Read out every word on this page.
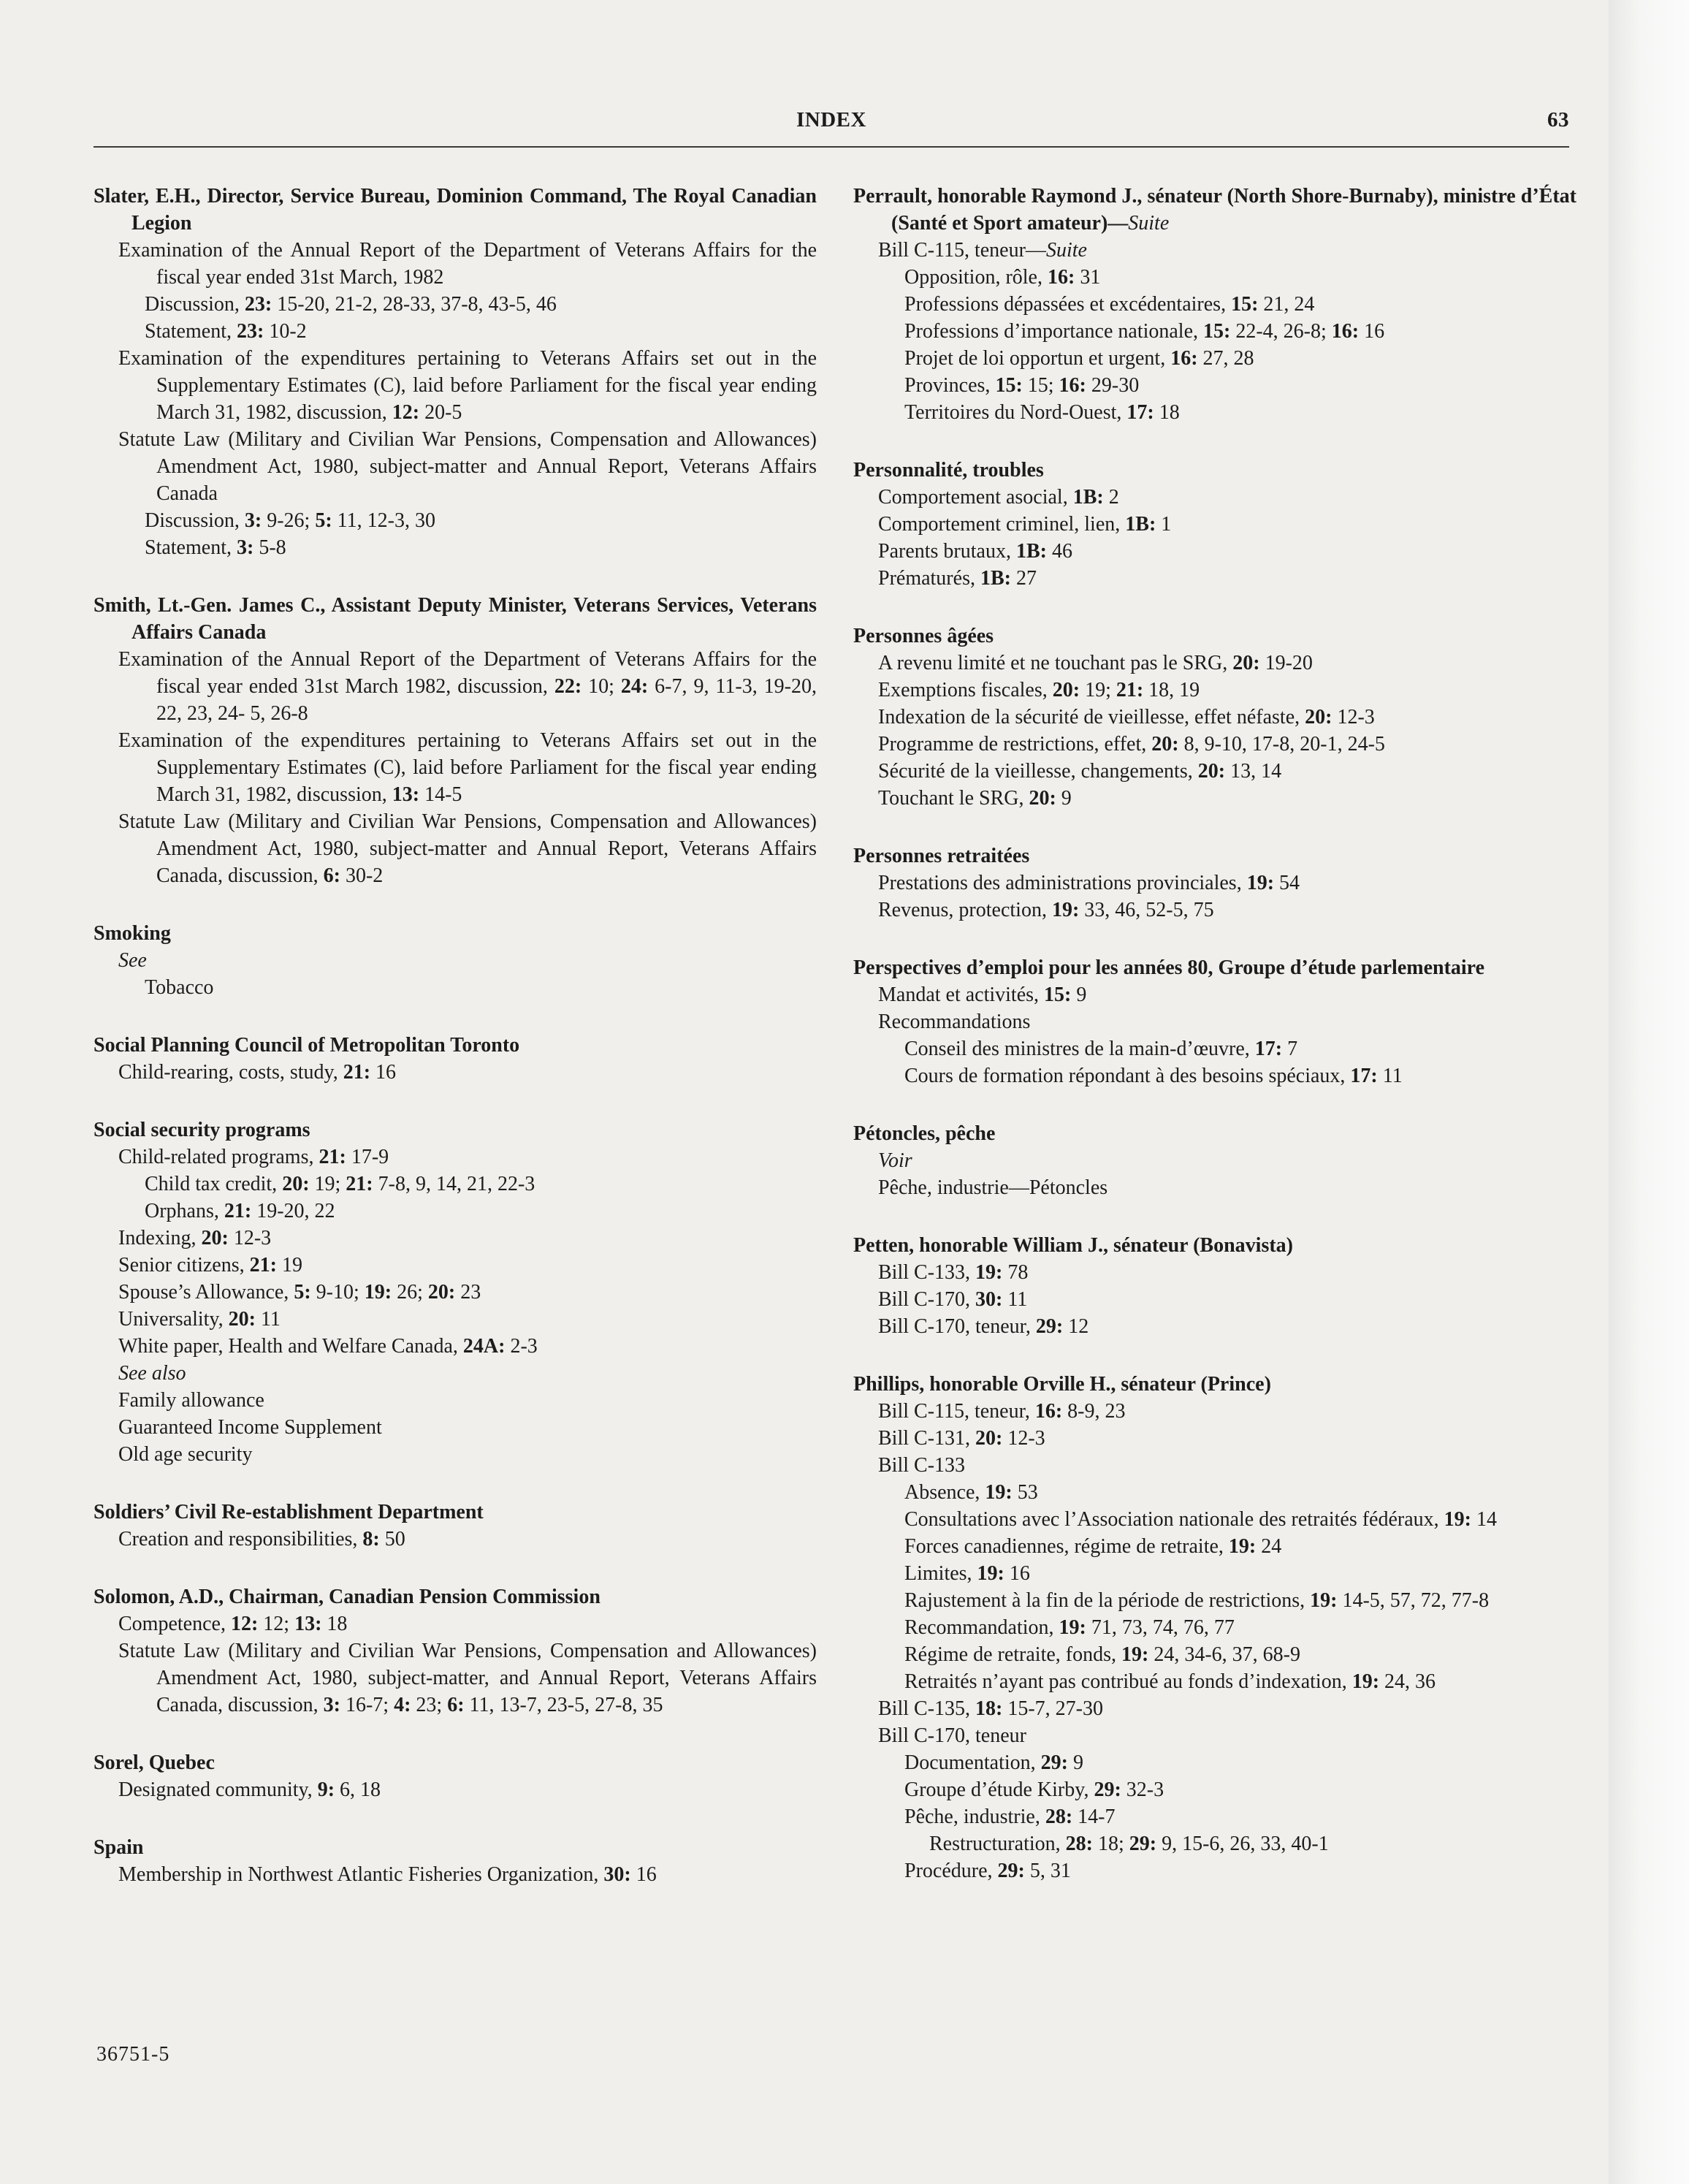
INDEX	63
Slater, E.H., Director, Service Bureau, Dominion Command, The Royal Canadian Legion
Examination of the Annual Report of the Department of Veterans Affairs for the fiscal year ended 31st March, 1982
Discussion, 23: 15-20, 21-2, 28-33, 37-8, 43-5, 46
Statement, 23: 10-2
Examination of the expenditures pertaining to Veterans Affairs set out in the Supplementary Estimates (C), laid before Parliament for the fiscal year ending March 31, 1982, discussion, 12: 20-5
Statute Law (Military and Civilian War Pensions, Compensation and Allowances) Amendment Act, 1980, subject-matter and Annual Report, Veterans Affairs Canada
Discussion, 3: 9-26; 5: 11, 12-3, 30
Statement, 3: 5-8
Smith, Lt.-Gen. James C., Assistant Deputy Minister, Veterans Services, Veterans Affairs Canada
Examination of the Annual Report of the Department of Veterans Affairs for the fiscal year ended 31st March 1982, discussion, 22: 10; 24: 6-7, 9, 11-3, 19-20, 22, 23, 24- 5, 26-8
Examination of the expenditures pertaining to Veterans Affairs set out in the Supplementary Estimates (C), laid before Parliament for the fiscal year ending March 31, 1982, discussion, 13: 14-5
Statute Law (Military and Civilian War Pensions, Compensation and Allowances) Amendment Act, 1980, subject-matter and Annual Report, Veterans Affairs Canada, discussion, 6: 30-2
Smoking
See
Tobacco
Social Planning Council of Metropolitan Toronto
Child-rearing, costs, study, 21: 16
Social security programs
Child-related programs, 21: 17-9
Child tax credit, 20: 19; 21: 7-8, 9, 14, 21, 22-3
Orphans, 21: 19-20, 22
Indexing, 20: 12-3
Senior citizens, 21: 19
Spouse’s Allowance, 5: 9-10; 19: 26; 20: 23
Universality, 20: 11
White paper, Health and Welfare Canada, 24A: 2-3
See also
Family allowance
Guaranteed Income Supplement
Old age security
Soldiers’ Civil Re-establishment Department
Creation and responsibilities, 8: 50
Solomon, A.D., Chairman, Canadian Pension Commission
Competence, 12: 12; 13: 18
Statute Law (Military and Civilian War Pensions, Compensation and Allowances) Amendment Act, 1980, subject-matter, and Annual Report, Veterans Affairs Canada, discussion, 3: 16-7; 4: 23; 6: 11, 13-7, 23-5, 27-8, 35
Sorel, Quebec
Designated community, 9: 6, 18
Spain
Membership in Northwest Atlantic Fisheries Organization, 30: 16
Perrault, honorable Raymond J., sénateur (North Shore-Burnaby), ministre d’État (Santé et Sport amateur)—Suite
Bill C-115, teneur—Suite
Opposition, rôle, 16: 31
Professions dépassées et excédentaires, 15: 21, 24
Professions d’importance nationale, 15: 22-4, 26-8; 16: 16
Projet de loi opportun et urgent, 16: 27, 28
Provinces, 15: 15; 16: 29-30
Territoires du Nord-Ouest, 17: 18
Personnalité, troubles
Comportement asocial, 1B: 2
Comportement criminel, lien, 1B: 1
Parents brutaux, 1B: 46
Prématurés, 1B: 27
Personnes âgées
A revenu limité et ne touchant pas le SRG, 20: 19-20
Exemptions fiscales, 20: 19; 21: 18, 19
Indexation de la sécurité de vieillesse, effet néfaste, 20: 12-3
Programme de restrictions, effet, 20: 8, 9-10, 17-8, 20-1, 24-5
Sécurité de la vieillesse, changements, 20: 13, 14
Touchant le SRG, 20: 9
Personnes retraitées
Prestations des administrations provinciales, 19: 54
Revenus, protection, 19: 33, 46, 52-5, 75
Perspectives d’emploi pour les années 80, Groupe d’étude parlementaire
Mandat et activités, 15: 9
Recommandations
Conseil des ministres de la main-d’œuvre, 17: 7
Cours de formation répondant à des besoins spéciaux, 17: 11
Pétoncles, pêche
Voir
Pêche, industrie—Pétoncles
Petten, honorable William J., sénateur (Bonavista)
Bill C-133, 19: 78
Bill C-170, 30: 11
Bill C-170, teneur, 29: 12
Phillips, honorable Orville H., sénateur (Prince)
Bill C-115, teneur, 16: 8-9, 23
Bill C-131, 20: 12-3
Bill C-133
Absence, 19: 53
Consultations avec l’Association nationale des retraités fédéraux, 19: 14
Forces canadiennes, régime de retraite, 19: 24
Limites, 19: 16
Rajustement à la fin de la période de restrictions, 19: 14-5, 57, 72, 77-8
Recommandation, 19: 71, 73, 74, 76, 77
Régime de retraite, fonds, 19: 24, 34-6, 37, 68-9
Retraités n’ayant pas contribué au fonds d’indexation, 19: 24, 36
Bill C-135, 18: 15-7, 27-30
Bill C-170, teneur
Documentation, 29: 9
Groupe d’étude Kirby, 29: 32-3
Pêche, industrie, 28: 14-7
Restructuration, 28: 18; 29: 9, 15-6, 26, 33, 40-1
Procédure, 29: 5, 31
36751-5
